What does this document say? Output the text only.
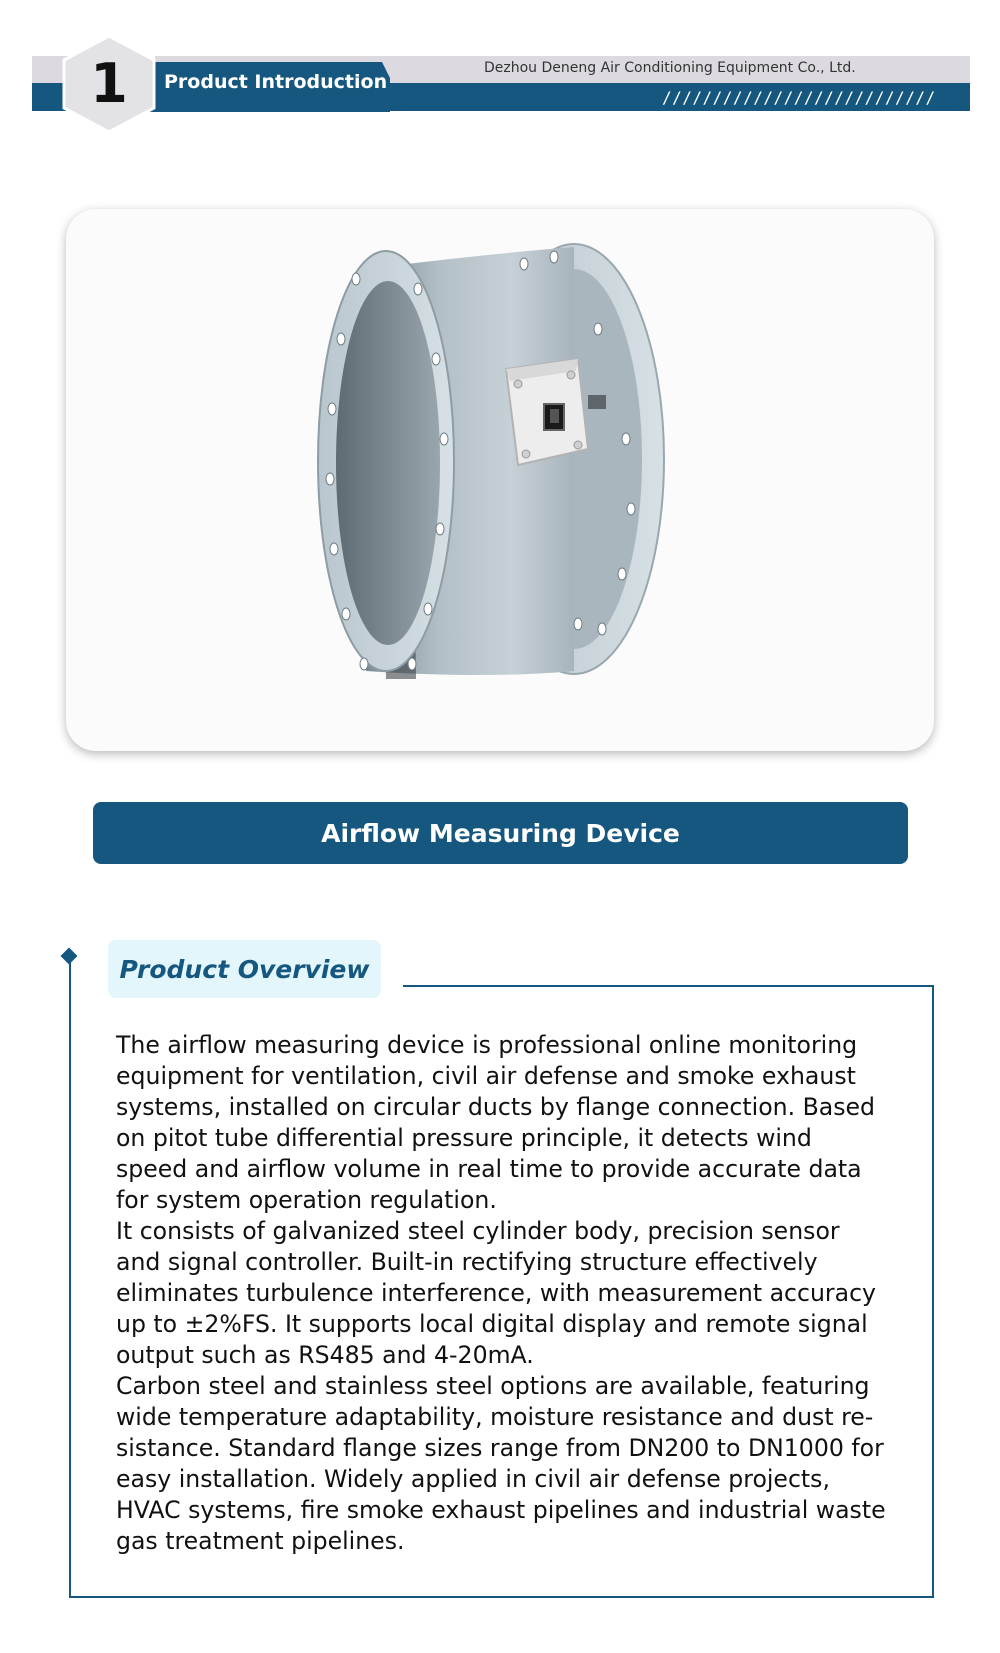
1	Product Introduction
Dezhou Deneng Air Conditioning Equipment Co., Ltd.
///////////////////////////
Airflow Measuring Device
Product Overview

The airflow measuring device is professional online monitoring equipment for ventilation, civil air defense and smoke exhaust systems, installed on circular ducts by flange connection. Based on pitot tube differential pressure principle, it detects wind speed and airflow volume in real time to provide accurate data for system operation regulation.

It consists of galvanized steel cylinder body, precision sensor and signal controller. Built-in rectifying structure effectively eliminates turbulence interference, with measurement accuracy up to ±2%FS. It supports local digital display and remote signal output such as RS485 and 4-20mA.

Carbon steel and stainless steel options are available, featuring wide temperature adaptability, moisture resistance and dust re-sistance. Standard flange sizes range from DN200 to DN1000 for easy installation. Widely applied in civil air defense projects, HVAC systems, fire smoke exhaust pipelines and industrial waste gas treatment pipelines.
